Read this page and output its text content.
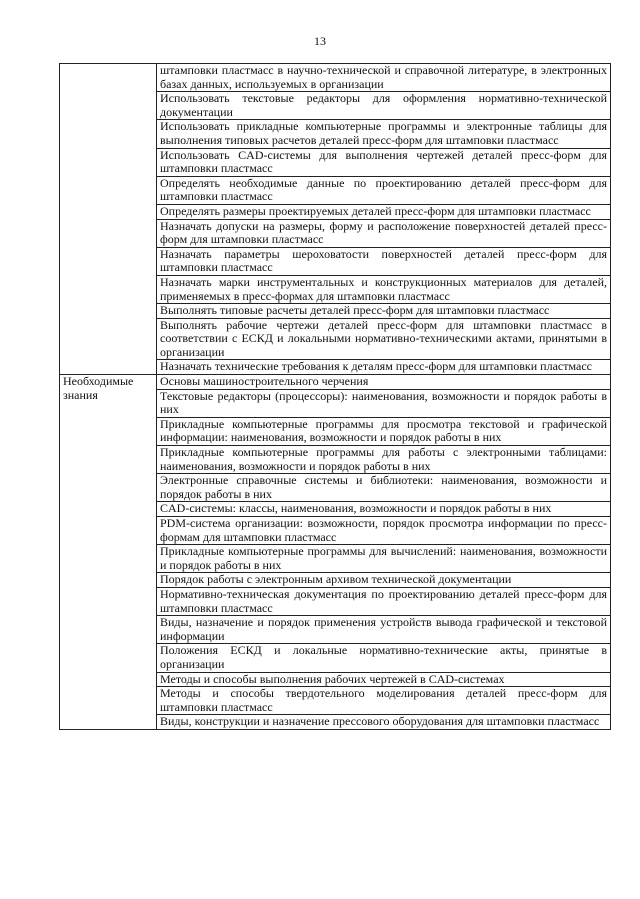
13
	штамповки пластмасс в научно-технической и справочной литературе, в электронных базах данных, используемых в организации
	Использовать текстовые редакторы для оформления нормативно-технической документации
	Использовать прикладные компьютерные программы и электронные таблицы для выполнения типовых расчетов деталей пресс-форм для штамповки пластмасс
	Использовать CAD-системы для выполнения чертежей деталей пресс-форм для штамповки пластмасс
	Определять необходимые данные по проектированию деталей пресс-форм для штамповки пластмасс
	Определять размеры проектируемых деталей пресс-форм для штамповки пластмасс
	Назначать допуски на размеры, форму и расположение поверхностей деталей пресс-форм для штамповки пластмасс
	Назначать параметры шероховатости поверхностей деталей пресс-форм для штамповки пластмасс
	Назначать марки инструментальных и конструкционных материалов для деталей, применяемых в пресс-формах для штамповки пластмасс
	Выполнять типовые расчеты деталей пресс-форм для штамповки пластмасс
	Выполнять рабочие чертежи деталей пресс-форм для штамповки пластмасс в соответствии с ЕСКД и локальными нормативно-техническими актами, принятыми в организации
	Назначать технические требования к деталям пресс-форм для штамповки пластмасс
Необходимые знания	Основы машиностроительного черчения
	Текстовые редакторы (процессоры): наименования, возможности и порядок работы в них
	Прикладные компьютерные программы для просмотра текстовой и графической информации: наименования, возможности и порядок работы в них
	Прикладные компьютерные программы для работы с электронными таблицами: наименования, возможности и порядок работы в них
	Электронные справочные системы и библиотеки: наименования, возможности и порядок работы в них
	CAD-системы: классы, наименования, возможности и порядок работы в них
	PDM-система организации: возможности, порядок просмотра информации по пресс-формам для штамповки пластмасс
	Прикладные компьютерные программы для вычислений: наименования, возможности и порядок работы в них
	Порядок работы с электронным архивом технической документации
	Нормативно-техническая документация по проектированию деталей пресс-форм для штамповки пластмасс
	Виды, назначение и порядок применения устройств вывода графической и текстовой информации
	Положения ЕСКД и локальные нормативно-технические акты, принятые в организации
	Методы и способы выполнения рабочих чертежей в CAD-системах
	Методы и способы твердотельного моделирования деталей пресс-форм для штамповки пластмасс
	Виды, конструкции и назначение прессового оборудования для штамповки пластмасс
